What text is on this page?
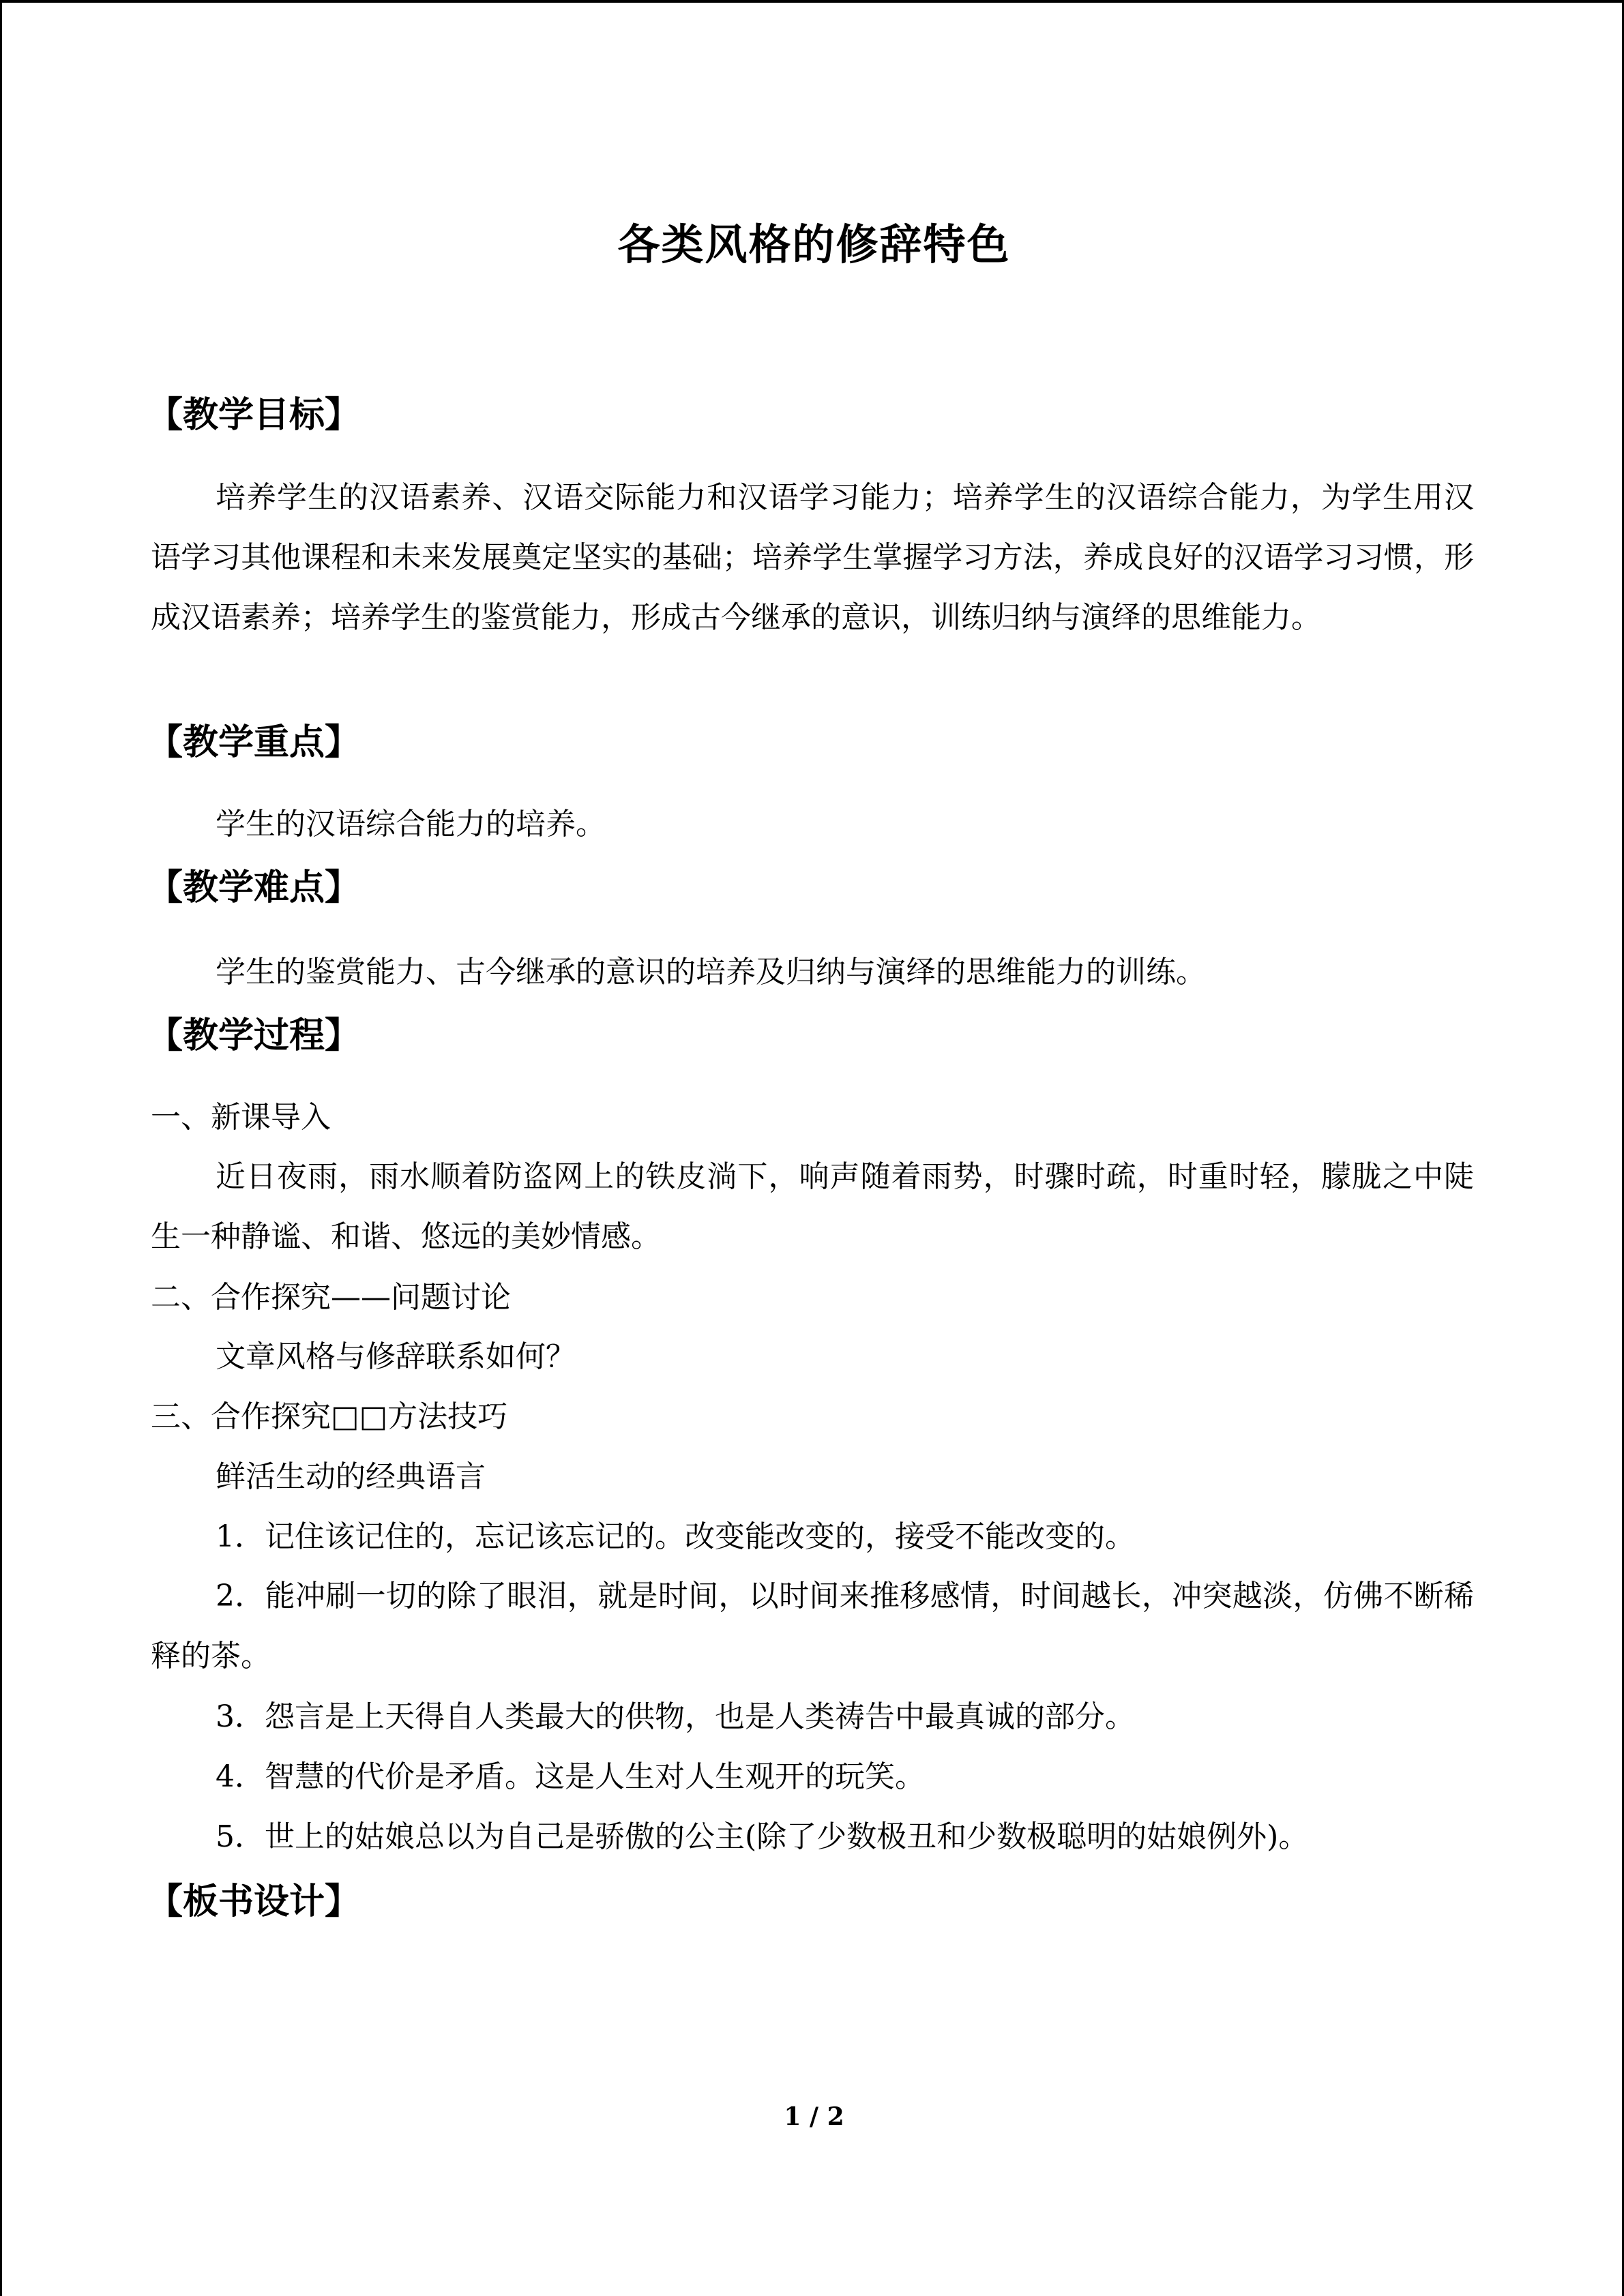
各类风格的修辞特色
【教学目标】
培养学生的汉语素养、汉语交际能力和汉语学习能力；培养学生的汉语综合能力，为学生用汉语学习其他课程和未来发展奠定坚实的基础；培养学生掌握学习方法，养成良好的汉语学习习惯，形成汉语素养；培养学生的鉴赏能力，形成古今继承的意识，训练归纳与演绎的思维能力。
【教学重点】
学生的汉语综合能力的培养。
【教学难点】
学生的鉴赏能力、古今继承的意识的培养及归纳与演绎的思维能力的训练。
【教学过程】
一、新课导入
近日夜雨，雨水顺着防盗网上的铁皮淌下，响声随着雨势，时骤时疏，时重时轻，朦胧之中陡生一种静谧、和谐、悠远的美妙情感。
二、合作探究——问题讨论
文章风格与修辞联系如何？
三、合作探究□□方法技巧
鲜活生动的经典语言
1．记住该记住的，忘记该忘记的。改变能改变的，接受不能改变的。
2．能冲刷一切的除了眼泪，就是时间，以时间来推移感情，时间越长，冲突越淡，仿佛不断稀释的茶。
3．怨言是上天得自人类最大的供物，也是人类祷告中最真诚的部分。
4．智慧的代价是矛盾。这是人生对人生观开的玩笑。
5．世上的姑娘总以为自己是骄傲的公主(除了少数极丑和少数极聪明的姑娘例外)。
【板书设计】
1 / 2
